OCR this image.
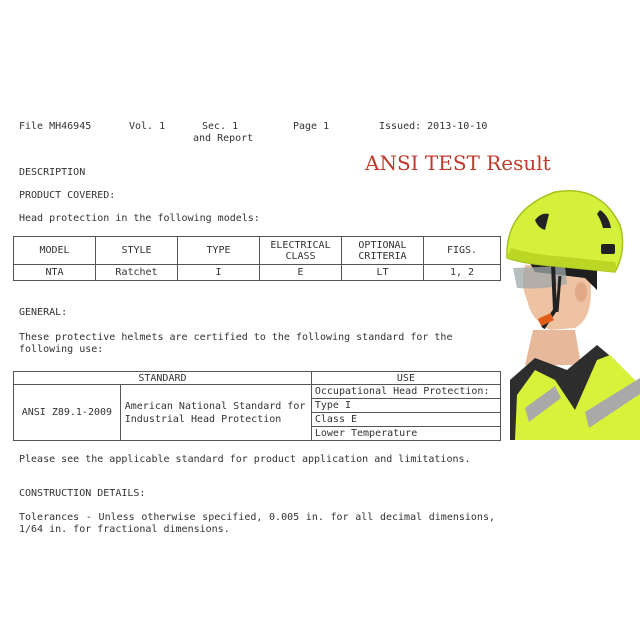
File MH46945	Vol. 1	Sec. 1
and Report
Page 1	Issued: 2013-10-10
ANSI TEST Result
DESCRIPTION
PRODUCT COVERED:
Head protection in the following models:
MODEL	STYLE	TYPE	ELECTRICAL CLASS	OPTIONAL CRITERIA	FIGS.
NTA	Ratchet	I	E	LT	1, 2
GENERAL:
These protective helmets are certified to the following standard for the following use:
STANDARD		USE
ANSI Z89.1-2009	American National Standard for Industrial Head Protection	Occupational Head Protection:
		Type I
		Class E
		Lower Temperature
Please see the applicable standard for product application and limitations.
CONSTRUCTION DETAILS:
Tolerances - Unless otherwise specified, 0.005 in. for all decimal dimensions, 1/64 in. for fractional dimensions.
